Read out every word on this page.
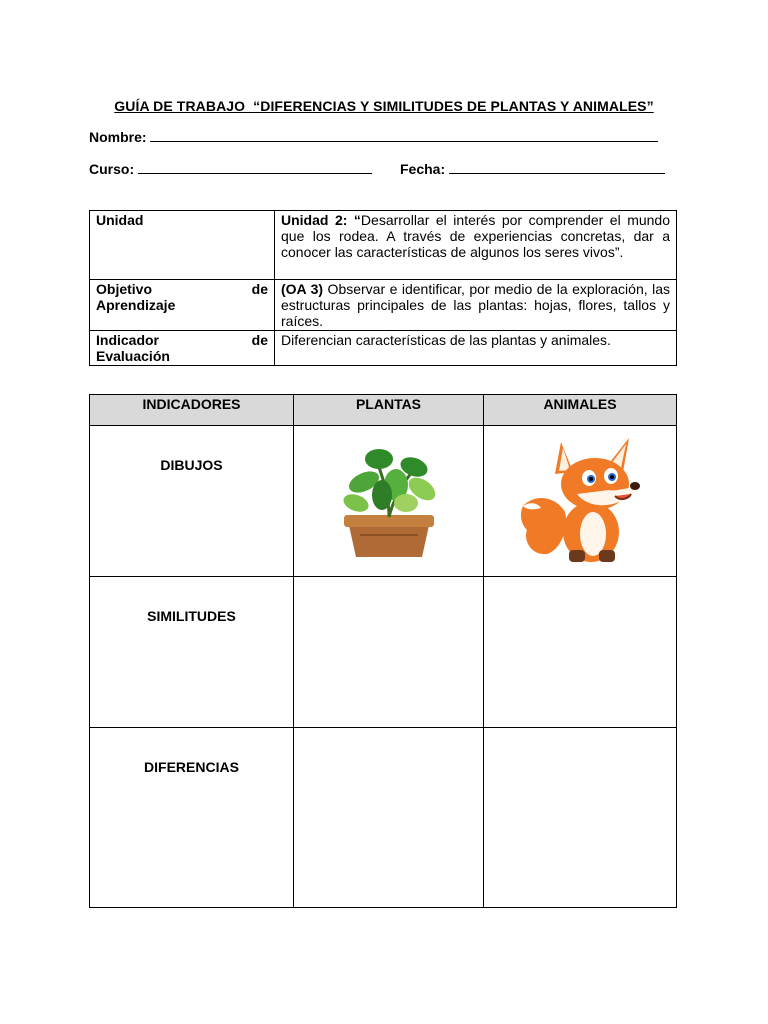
GUÍA DE TRABAJO  “DIFERENCIAS Y SIMILITUDES DE PLANTAS Y ANIMALES”
Nombre:
Curso:	Fecha:
Unidad	Unidad 2: “Desarrollar el interés por comprender el mundo que los rodea. A través de experiencias concretas, dar a conocer las características de algunos los seres vivos”.

Objetivo de
Aprendizaje	(OA 3) Observar e identificar, por medio de la exploración, las estructuras principales de las plantas: hojas, flores, tallos y raíces.

Indicador de
Evaluación	Diferencian características de las plantas y animales.
INDICADORES	PLANTAS	ANIMALES

DIBUJOS

SIMILITUDES		

DIFERENCIAS		
